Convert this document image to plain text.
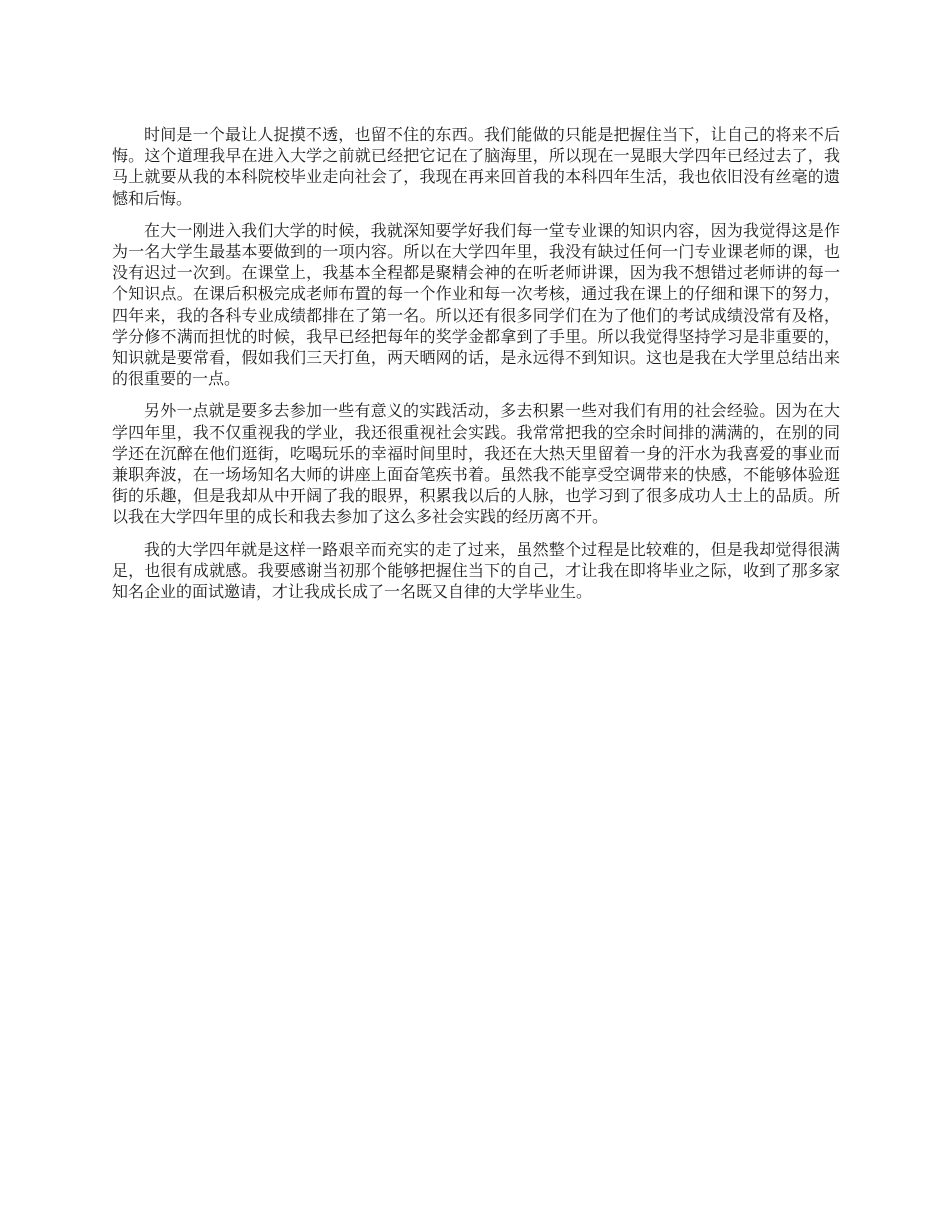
时间是一个最让人捉摸不透，也留不住的东西。我们能做的只能是把握住当下，让自己的将来不后悔。这个道理我早在进入大学之前就已经把它记在了脑海里，所以现在一晃眼大学四年已经过去了，我马上就要从我的本科院校毕业走向社会了，我现在再来回首我的本科四年生活，我也依旧没有丝毫的遗憾和后悔。

在大一刚进入我们大学的时候，我就深知要学好我们每一堂专业课的知识内容，因为我觉得这是作为一名大学生最基本要做到的一项内容。所以在大学四年里，我没有缺过任何一门专业课老师的课，也没有迟过一次到。在课堂上，我基本全程都是聚精会神的在听老师讲课，因为我不想错过老师讲的每一个知识点。在课后积极完成老师布置的每一个作业和每一次考核，通过我在课上的仔细和课下的努力，四年来，我的各科专业成绩都排在了第一名。所以还有很多同学们在为了他们的考试成绩没常有及格，学分修不满而担忧的时候，我早已经把每年的奖学金都拿到了手里。所以我觉得坚持学习是非重要的，知识就是要常看，假如我们三天打鱼，两天晒网的话，是永远得不到知识。这也是我在大学里总结出来的很重要的一点。

另外一点就是要多去参加一些有意义的实践活动，多去积累一些对我们有用的社会经验。因为在大学四年里，我不仅重视我的学业，我还很重视社会实践。我常常把我的空余时间排的满满的，在别的同学还在沉醉在他们逛街，吃喝玩乐的幸福时间里时，我还在大热天里留着一身的汗水为我喜爱的事业而兼职奔波，在一场场知名大师的讲座上面奋笔疾书着。虽然我不能享受空调带来的快感，不能够体验逛街的乐趣，但是我却从中开阔了我的眼界，积累我以后的人脉，也学习到了很多成功人士上的品质。所以我在大学四年里的成长和我去参加了这么多社会实践的经历离不开。

我的大学四年就是这样一路艰辛而充实的走了过来，虽然整个过程是比较难的，但是我却觉得很满足，也很有成就感。我要感谢当初那个能够把握住当下的自己，才让我在即将毕业之际，收到了那多家知名企业的面试邀请，才让我成长成了一名既又自律的大学毕业生。
